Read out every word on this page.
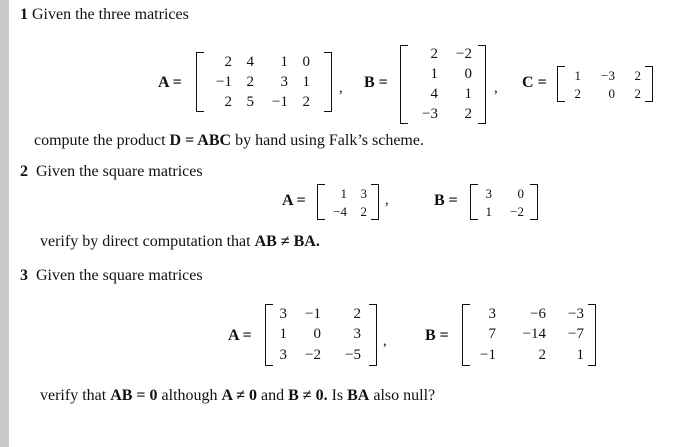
1 Given the three matrices
A =
2 4	1 0
−1 2	3 1
2 5	−1 2
, B =
2	−2
1	0
4	1
−3	2
, C =	1	−3	2
2	0	2
compute the product D = ABC by hand using Falk’s scheme.
2 Given the square matrices
A =	1	3
−4	2
,	B =	3	0
1	−2
verify by direct computation that AB ≠ BA.
3 Given the square matrices
A =
3	−1	2
1	0	3
3	−2	−5
, B =
3	−6	−3
7	−14	−7
−1	2	1
verify that AB = 0 although A ≠ 0 and B ≠ 0. Is BA also null?
